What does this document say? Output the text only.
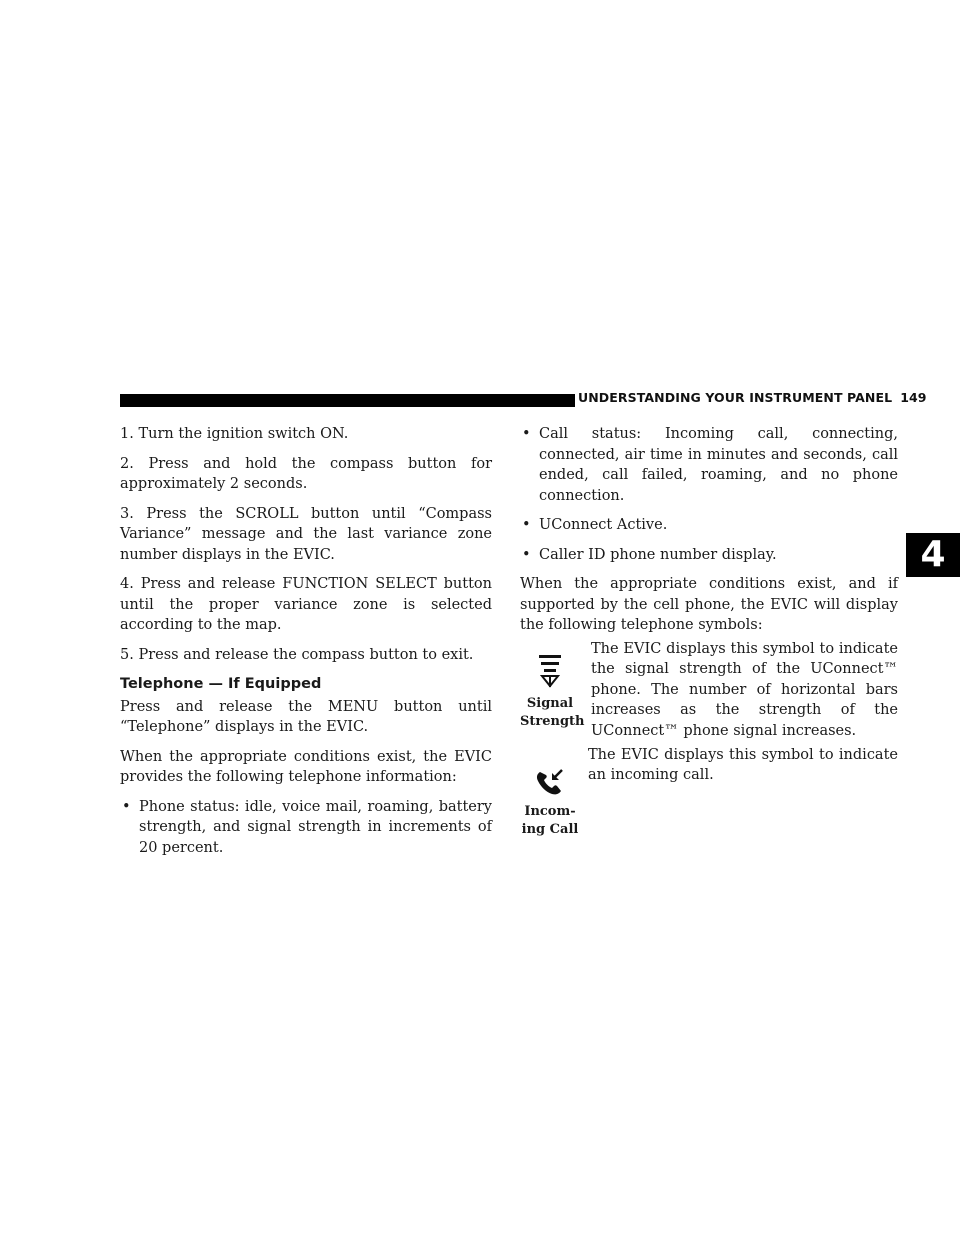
UNDERSTANDING YOUR INSTRUMENT PANEL 149
4

1. Turn the ignition switch ON.

2. Press and hold the compass button for approximately 2 seconds.

3. Press the SCROLL button until “Compass Variance” message and the last variance zone number displays in the EVIC.

4. Press and release FUNCTION SELECT button until the proper variance zone is selected according to the map.

5. Press and release the compass button to exit.

Telephone — If Equipped

Press and release the MENU button until “Telephone” displays in the EVIC.

When the appropriate conditions exist, the EVIC provides the following telephone information:

• Phone status: idle, voice mail, roaming, battery strength, and signal strength in increments of 20 percent.
• Call status: Incoming call, connecting, connected, air time in minutes and seconds, call ended, call failed, roaming, and no phone connection.
• UConnect Active.
• Caller ID phone number display.

When the appropriate conditions exist, and if supported by the cell phone, the EVIC will display the following telephone symbols:

Signal
Strength

The EVIC displays this symbol to indicate the signal strength of the UConnect™ phone. The number of horizontal bars increases as the strength of the UConnect™ phone signal increases.

Incom-
ing Call

The EVIC displays this symbol to indicate an incoming call.
